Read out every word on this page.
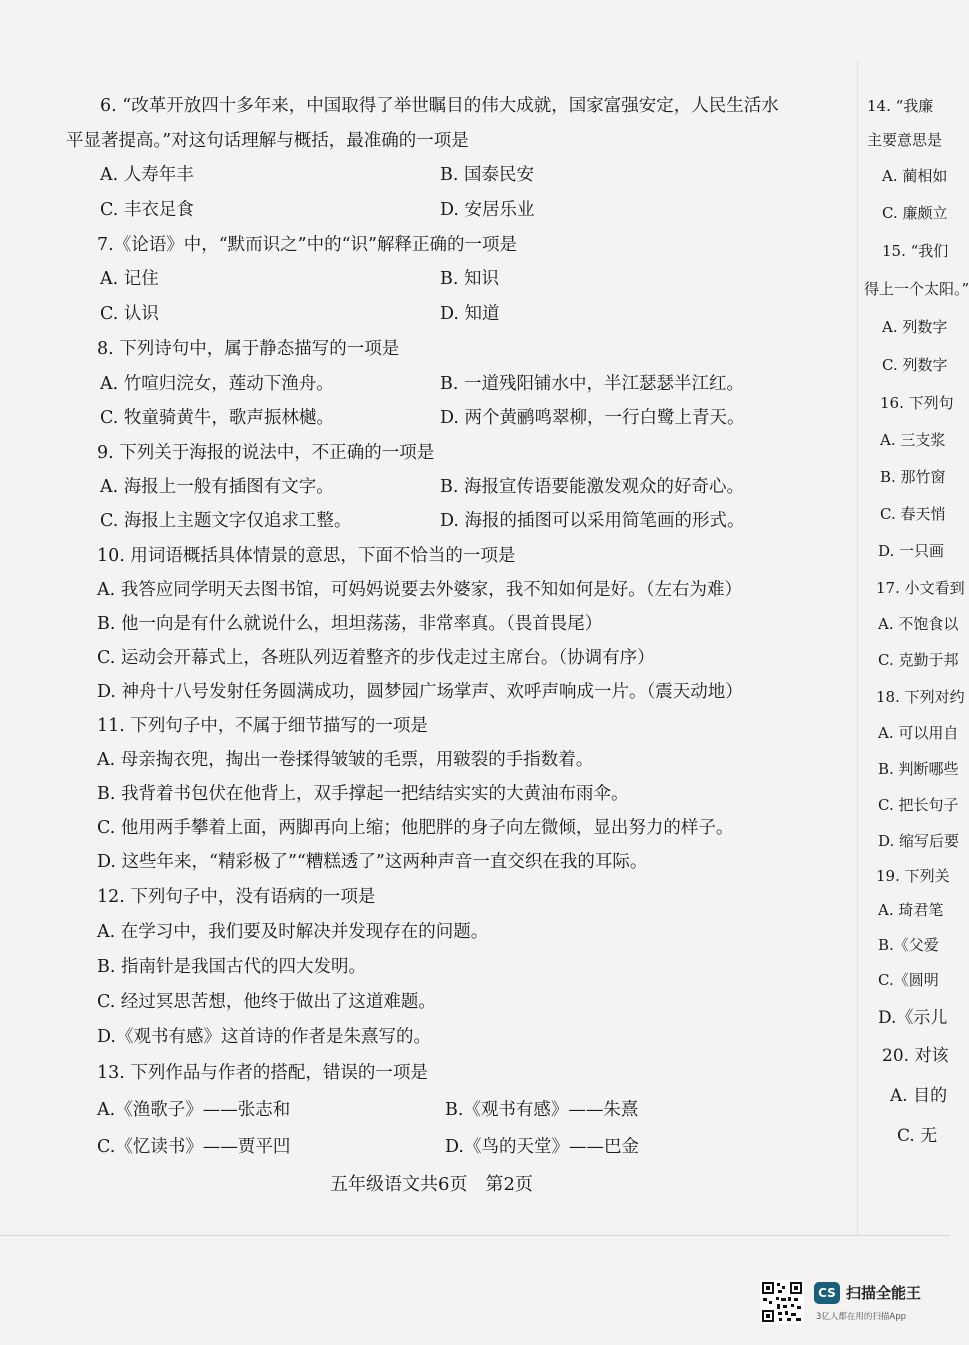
6. “改革开放四十多年来，中国取得了举世瞩目的伟大成就，国家富强安定，人民生活水
平显著提高。”对这句话理解与概括，最准确的一项是
A. 人寿年丰	B. 国泰民安
C. 丰衣足食	D. 安居乐业
7.《论语》中，“默而识之”中的“识”解释正确的一项是
A. 记住	B. 知识
C. 认识	D. 知道
8. 下列诗句中，属于静态描写的一项是
A. 竹喧归浣女，莲动下渔舟。	B. 一道残阳铺水中，半江瑟瑟半江红。
C. 牧童骑黄牛，歌声振林樾。	D. 两个黄鹂鸣翠柳，一行白鹭上青天。
9. 下列关于海报的说法中，不正确的一项是
A. 海报上一般有插图有文字。	B. 海报宣传语要能激发观众的好奇心。
C. 海报上主题文字仅追求工整。	D. 海报的插图可以采用简笔画的形式。
10. 用词语概括具体情景的意思，下面不恰当的一项是
A. 我答应同学明天去图书馆，可妈妈说要去外婆家，我不知如何是好。（左右为难）
B. 他一向是有什么就说什么，坦坦荡荡，非常率真。（畏首畏尾）
C. 运动会开幕式上，各班队列迈着整齐的步伐走过主席台。（协调有序）
D. 神舟十八号发射任务圆满成功，圆梦园广场掌声、欢呼声响成一片。（震天动地）
11. 下列句子中，不属于细节描写的一项是
A. 母亲掏衣兜，掏出一卷揉得皱皱的毛票，用皲裂的手指数着。
B. 我背着书包伏在他背上，双手撑起一把结结实实的大黄油布雨伞。
C. 他用两手攀着上面，两脚再向上缩；他肥胖的身子向左微倾，显出努力的样子。
D. 这些年来，“精彩极了”“糟糕透了”这两种声音一直交织在我的耳际。
12. 下列句子中，没有语病的一项是
A. 在学习中，我们要及时解决并发现存在的问题。
B. 指南针是我国古代的四大发明。
C. 经过冥思苦想，他终于做出了这道难题。
D.《观书有感》这首诗的作者是朱熹写的。
13. 下列作品与作者的搭配，错误的一项是
A.《渔歌子》——张志和	B.《观书有感》——朱熹
C.《忆读书》——贾平凹	D.《鸟的天堂》——巴金
五年级语文共6页　第2页
14. “我廉
主要意思是
A. 蔺相如
C. 廉颇立
15. “我们
得上一个太阳。”
A. 列数字
C. 列数字
16. 下列句
A. 三支浆
B. 那竹窗
C. 春天悄
D. 一只画
17. 小文看到
A. 不饱食以
C. 克勤于邦
18. 下列对约
A. 可以用自
B. 判断哪些
C. 把长句子
D. 缩写后要
19. 下列关
A. 琦君笔
B.《父爱
C.《圆明
D.《示儿
20. 对该
A. 目的
C. 无
CS 扫描全能王
3亿人都在用的扫描App
